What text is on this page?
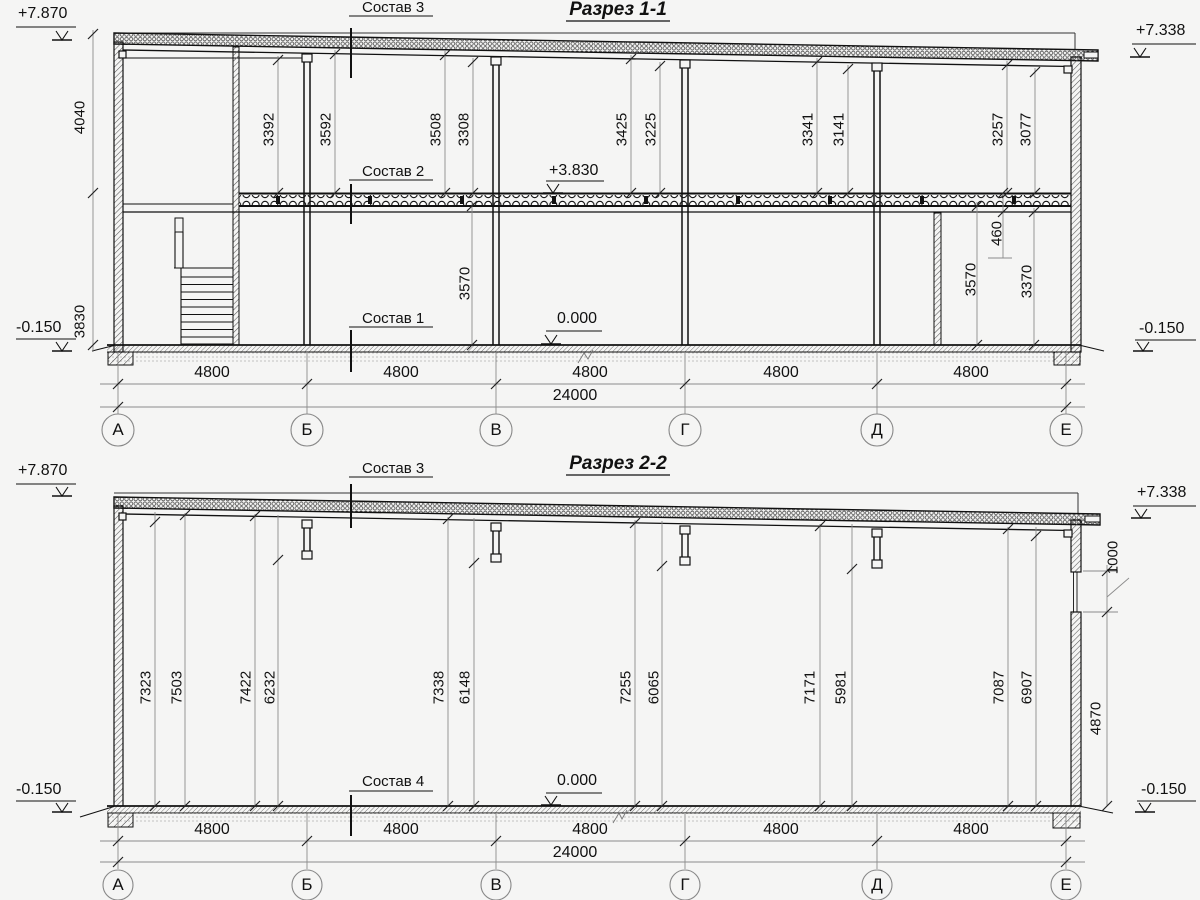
Разрез 1-1
+7.870
+7.338
+3.830
0.000
-0.150	-0.150
Состав 3
Состав 2
Состав 1
4040
3830
3392	3592	3508 3308	3425 3225	3341 3141	3257 3077
460
3570	3570	3370
4800	4800	4800	4800	4800
24000
А	Б	В	Г	Д	Е
Разрез 2-2
+7.870
+7.338
0.000
-0.150	-0.150
Состав 3
Состав 4
7323 7503	7422 6232	7338 6148	7255 6065	7171 5981	7087 6907
1000
4870
4800	4800	4800	4800	4800
24000
А	Б	В	Г	Д	Е
